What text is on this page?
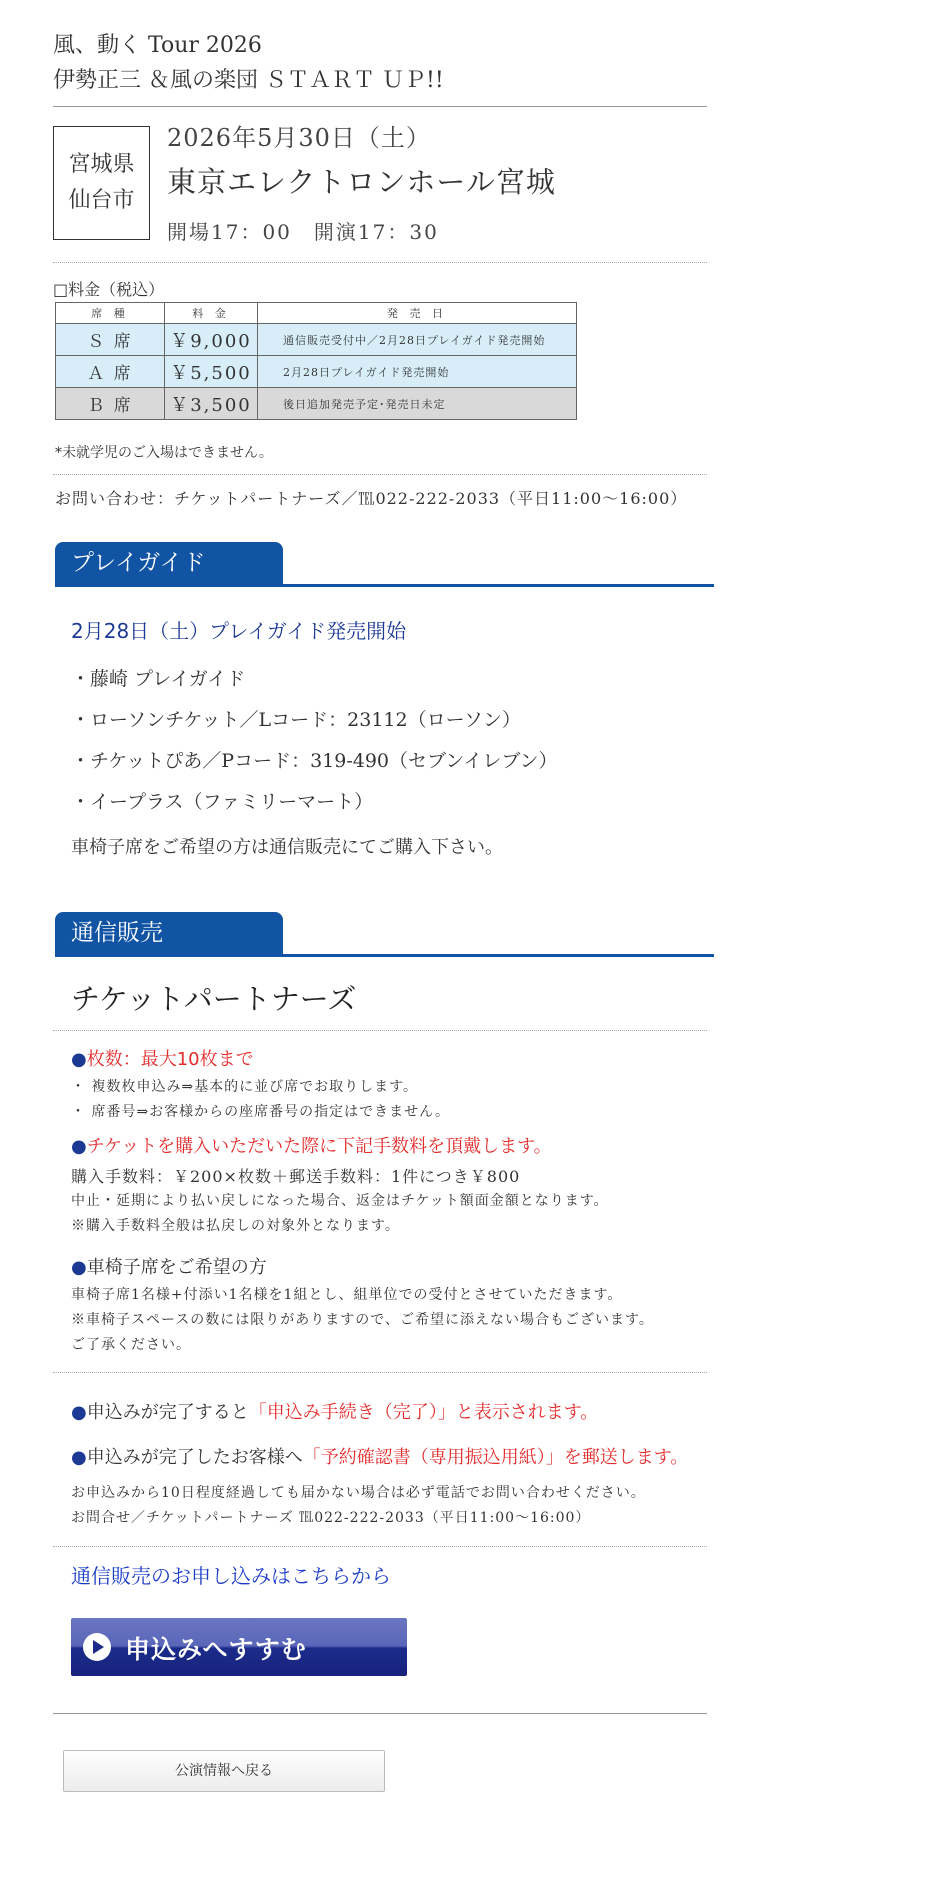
風、動く Tour 2026
伊勢正三 ＆風の楽団 ＳＴＡＲＴ ＵＰ!!
宮城県
仙台市
2026年5月30日（土）
東京エレクトロンホール宮城
開場17：00　開演17：30
□料金（税込）
席 種	料 金	発 売 日
Ｓ 席	￥9,000	通信販売受付中／2月28日プレイガイド発売開始
Ａ 席	￥5,500	2月28日プレイガイド発売開始
Ｂ 席	￥3,500	後日追加発売予定･発売日未定
*未就学児のご入場はできません。
お問い合わせ：チケットパートナーズ／℡022-222-2033（平日11:00～16:00）
プレイガイド
2月28日（土）プレイガイド発売開始
・藤崎 プレイガイド
・ローソンチケット／Lコード：23112（ローソン）
・チケットぴあ／Pコード：319-490（セブンイレブン）
・イープラス（ファミリーマート）
車椅子席をご希望の方は通信販売にてご購入下さい。
通信販売
チケットパートナーズ
●枚数：最大10枚まで
・ 複数枚申込み⇒基本的に並び席でお取りします。
・ 席番号⇒お客様からの座席番号の指定はできません。
●チケットを購入いただいた際に下記手数料を頂戴します。
購入手数料：￥200×枚数＋郵送手数料：1件につき￥800
中止・延期により払い戻しになった場合、返金はチケット額面金額となります。
※購入手数料全般は払戻しの対象外となります。
●車椅子席をご希望の方
車椅子席1名様+付添い1名様を1組とし、組単位での受付とさせていただきます。
※車椅子スペースの数には限りがありますので、ご希望に添えない場合もございます。
ご了承ください。
●申込みが完了すると「申込み手続き（完了）」と表示されます。
●申込みが完了したお客様へ「予約確認書（専用振込用紙）」を郵送します。
お申込みから10日程度経過しても届かない場合は必ず電話でお問い合わせください。
お問合せ／チケットパートナーズ ℡022-222-2033（平日11:00～16:00）
通信販売のお申し込みはこちらから
申込みへすすむ
公演情報へ戻る
